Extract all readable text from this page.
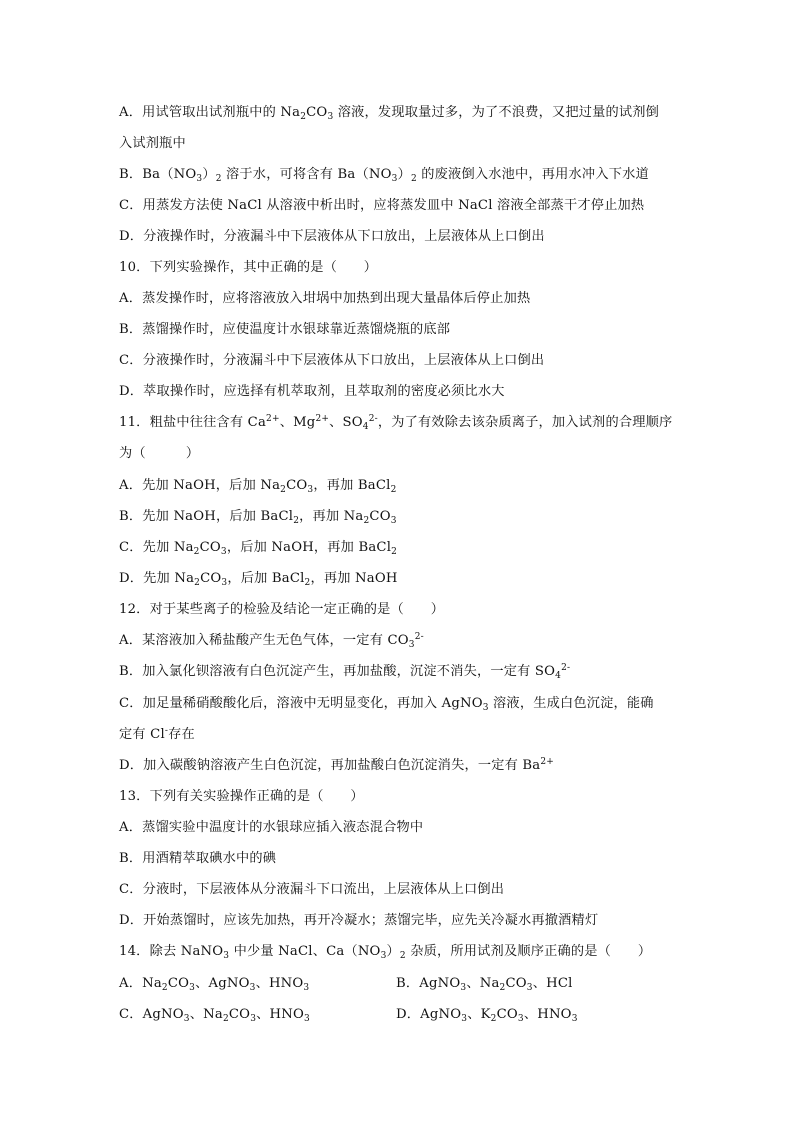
A．用试管取出试剂瓶中的 $Na_2CO_3$ 溶液，发现取量过多，为了不浪费，又把过量的试剂倒
入试剂瓶中
B．$Ba(NO_3)_2$ 溶于水，可将含有 $Ba(NO_3)_2$ 的废液倒入水池中，再用水冲入下水道
C．用蒸发方法使 NaCl 从溶液中析出时，应将蒸发皿中 NaCl 溶液全部蒸干才停止加热
D．分液操作时，分液漏斗中下层液体从下口放出，上层液体从上口倒出
10．下列实验操作，其中正确的是（　　）
A．蒸发操作时，应将溶液放入坩埚中加热到出现大量晶体后停止加热
B．蒸馏操作时，应使温度计水银球靠近蒸馏烧瓶的底部
C．分液操作时，分液漏斗中下层液体从下口放出，上层液体从上口倒出
D．萃取操作时，应选择有机萃取剂，且萃取剂的密度必须比水大
11．粗盐中往往含有 $Ca^{2+}$、$Mg^{2+}$、$SO_4^{2-}$，为了有效除去该杂质离子，加入试剂的合理顺序
为（　　　）
A．先加 NaOH，后加 $Na_2CO_3$，再加 BaCl$_2$
B．先加 NaOH，后加 BaCl$_2$，再加 $Na_2CO_3$
C．先加 $Na_2CO_3$，后加 NaOH，再加 BaCl$_2$
D．先加 $Na_2CO_3$，后加 BaCl$_2$，再加 NaOH
12．对于某些离子的检验及结论一定正确的是（　　）
A．某溶液加入稀盐酸产生无色气体，一定有 $CO_3^{2-}$
B．加入氯化钡溶液有白色沉淀产生，再加盐酸，沉淀不消失，一定有 $SO_4^{2-}$
C．加足量稀硝酸酸化后，溶液中无明显变化，再加入 AgNO$_3$ 溶液，生成白色沉淀，能确
定有 Cl-存在
D．加入碳酸钠溶液产生白色沉淀，再加盐酸白色沉淀消失，一定有 $Ba^{2+}$
13．下列有关实验操作正确的是（　　）
A．蒸馏实验中温度计的水银球应插入液态混合物中
B．用酒精萃取碘水中的碘
C．分液时，下层液体从分液漏斗下口流出，上层液体从上口倒出
D．开始蒸馏时，应该先加热，再开冷凝水；蒸馏完毕，应先关冷凝水再撤酒精灯
14．除去 NaNO$_3$ 中少量 NaCl、$Ca(NO_3)_2$ 杂质，所用试剂及顺序正确的是（　　）
A．$Na_2CO_3$、AgNO$_3$、$HNO_3$	B．AgNO$_3$、$Na_2CO_3$、HCl
C．AgNO$_3$、$Na_2CO_3$、$HNO_3$	D．AgNO$_3$、$K_2CO_3$、$HNO_3$
